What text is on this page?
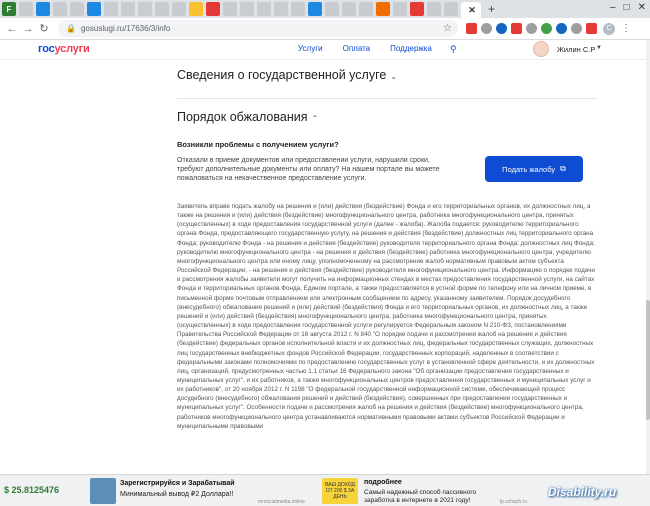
F	✕ +	– □ ✕
← → ↻	🔒 gosuslugi.ru/17636/3/info	☆	C ⋮
госуслуги	Услуги	Оплата	Поддержка ⚲	Жилин С.Р ▼
Сведения о государственной услуге ⌄
Порядок обжалования ⌃
Возникли проблемы с получением услуги?
Отказали в приеме документов или предоставлении услуги, нарушили сроки, требуют дополнительные документы или оплату? На нашем портале вы можете пожаловаться на некачественное предоставление услуги.
Подать жалобу ⧉
Заявитель вправе подать жалобу на решения и (или) действия (бездействие) Фонда и его территориальных органов, их должностных лиц, а также на решения и (или) действия (бездействие) многофункционального центра, работника многофункционального центра, принятых (осуществленных) в ходе предоставления государственной услуги (далее - жалоба). Жалоба подается: руководителю территориального органа Фонда, предоставляющего государственную услугу, на решения и действия (бездействие) должностных лиц территориального органа Фонда; руководителю Фонда - на решения и действия (бездействие) руководителя территориального органа Фонда; должностных лиц Фонда; руководителю многофункционального центра - на решения и действия (бездействие) работника многофункционального центра; учредителю многофункционального центра или иному лицу, уполномоченному на рассмотрение жалоб нормативным правовым актом субъекта Российской Федерации, - на решения и действия (бездействие) руководителя многофункционального центра. Информацию о порядке подачи и рассмотрения жалобы заявители могут получить на информационных стендах в местах предоставления государственной услуги, на сайтах Фонда и территориальных органов Фонда, Едином портале, а также предоставляется в устной форме по телефону или на личном приеме, в письменной форме почтовым отправлением или электронным сообщением по адресу, указанному заявителем. Порядок досудебного (внесудебного) обжалования решений и (или) действий (бездействия) Фонда и его территориальных органов, их должностных лиц, а также решений и (или) действий (бездействия) многофункционального центра, работника многофункционального центра, принятых (осуществленных) в ходе предоставления государственной услуги регулируется Федеральным законом N 210-ФЗ, постановлениями Правительства Российской Федерации от 16 августа 2012 г. N 840 "О порядке подачи и рассмотрения жалоб на решения и действия (бездействие) федеральных органов исполнительной власти и их должностных лиц, федеральных государственных служащих, должностных лиц государственных внебюджетных фондов Российской Федерации, государственных корпораций, наделенных в соответствии с федеральными законами полномочиями по предоставлению государственных услуг в установленной сфере деятельности, и их должностных лиц, организаций, предусмотренных частью 1.1 статьи 16 Федерального закона "Об организации предоставления государственных и муниципальных услуг", и их работников, а также многофункциональных центров предоставления государственных и муниципальных услуг и их работников", от 20 ноября 2012 г. N 1198 "О федеральной государственной информационной системе, обеспечивающей процесс досудебного (внесудебного) обжалования решений и действий (бездействия), совершенных при предоставлении государственных и муниципальных услуг". Особенности подачи и рассмотрения жалоб на решения и действия (бездействие) многофункционального центра, работников многофункционального центра устанавливаются нормативными правовыми актами субъектов Российской Федерации и муниципальными правовыми
$ 25.8125476
Зарегистрируйся и Зарабатывай
Минимальный вывод ₽2 Доллара!!
mrsocialmedia.online
ВАШ ДОХОД ОТ 200 $ ЗА ДЕНЬ
подробнее
Самый надежный способ пассивного заработка в интернете в 2021 году!	lp.schach.ru
Disability.ru
